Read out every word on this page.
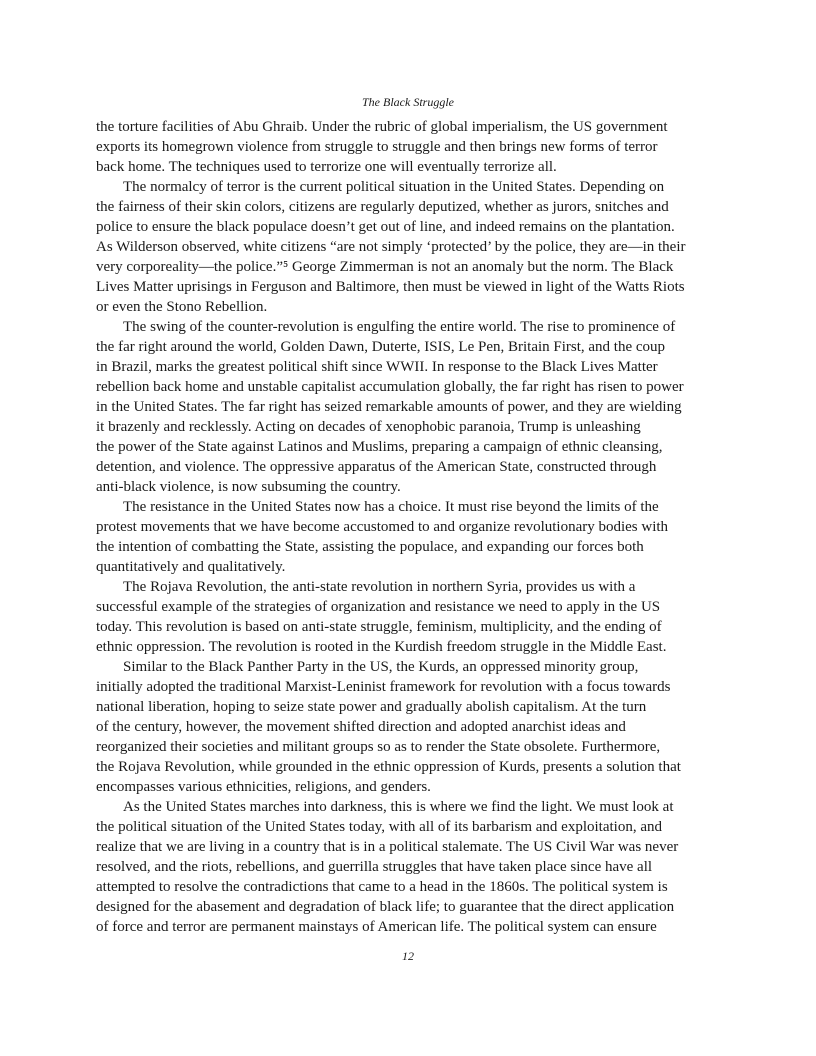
The Black Struggle
the torture facilities of Abu Ghraib. Under the rubric of global imperialism, the US government
exports its homegrown violence from struggle to struggle and then brings new forms of terror
back home. The techniques used to terrorize one will eventually terrorize all.
The normalcy of terror is the current political situation in the United States. Depending on
the fairness of their skin colors, citizens are regularly deputized, whether as jurors, snitches and
police to ensure the black populace doesn’t get out of line, and indeed remains on the plantation.
As Wilderson observed, white citizens “are not simply ‘protected’ by the police, they are—in their
very corporeality—the police.”⁵ George Zimmerman is not an anomaly but the norm. The Black
Lives Matter uprisings in Ferguson and Baltimore, then must be viewed in light of the Watts Riots
or even the Stono Rebellion.
The swing of the counter-revolution is engulfing the entire world. The rise to prominence of
the far right around the world, Golden Dawn, Duterte, ISIS, Le Pen, Britain First, and the coup
in Brazil, marks the greatest political shift since WWII. In response to the Black Lives Matter
rebellion back home and unstable capitalist accumulation globally, the far right has risen to power
in the United States. The far right has seized remarkable amounts of power, and they are wielding
it brazenly and recklessly. Acting on decades of xenophobic paranoia, Trump is unleashing
the power of the State against Latinos and Muslims, preparing a campaign of ethnic cleansing,
detention, and violence. The oppressive apparatus of the American State, constructed through
anti-black violence, is now subsuming the country.
The resistance in the United States now has a choice. It must rise beyond the limits of the
protest movements that we have become accustomed to and organize revolutionary bodies with
the intention of combatting the State, assisting the populace, and expanding our forces both
quantitatively and qualitatively.
The Rojava Revolution, the anti-state revolution in northern Syria, provides us with a
successful example of the strategies of organization and resistance we need to apply in the US
today. This revolution is based on anti-state struggle, feminism, multiplicity, and the ending of
ethnic oppression. The revolution is rooted in the Kurdish freedom struggle in the Middle East.
Similar to the Black Panther Party in the US, the Kurds, an oppressed minority group,
initially adopted the traditional Marxist-Leninist framework for revolution with a focus towards
national liberation, hoping to seize state power and gradually abolish capitalism. At the turn
of the century, however, the movement shifted direction and adopted anarchist ideas and
reorganized their societies and militant groups so as to render the State obsolete. Furthermore,
the Rojava Revolution, while grounded in the ethnic oppression of Kurds, presents a solution that
encompasses various ethnicities, religions, and genders.
As the United States marches into darkness, this is where we find the light. We must look at
the political situation of the United States today, with all of its barbarism and exploitation, and
realize that we are living in a country that is in a political stalemate. The US Civil War was never
resolved, and the riots, rebellions, and guerrilla struggles that have taken place since have all
attempted to resolve the contradictions that came to a head in the 1860s. The political system is
designed for the abasement and degradation of black life; to guarantee that the direct application
of force and terror are permanent mainstays of American life. The political system can ensure
12
